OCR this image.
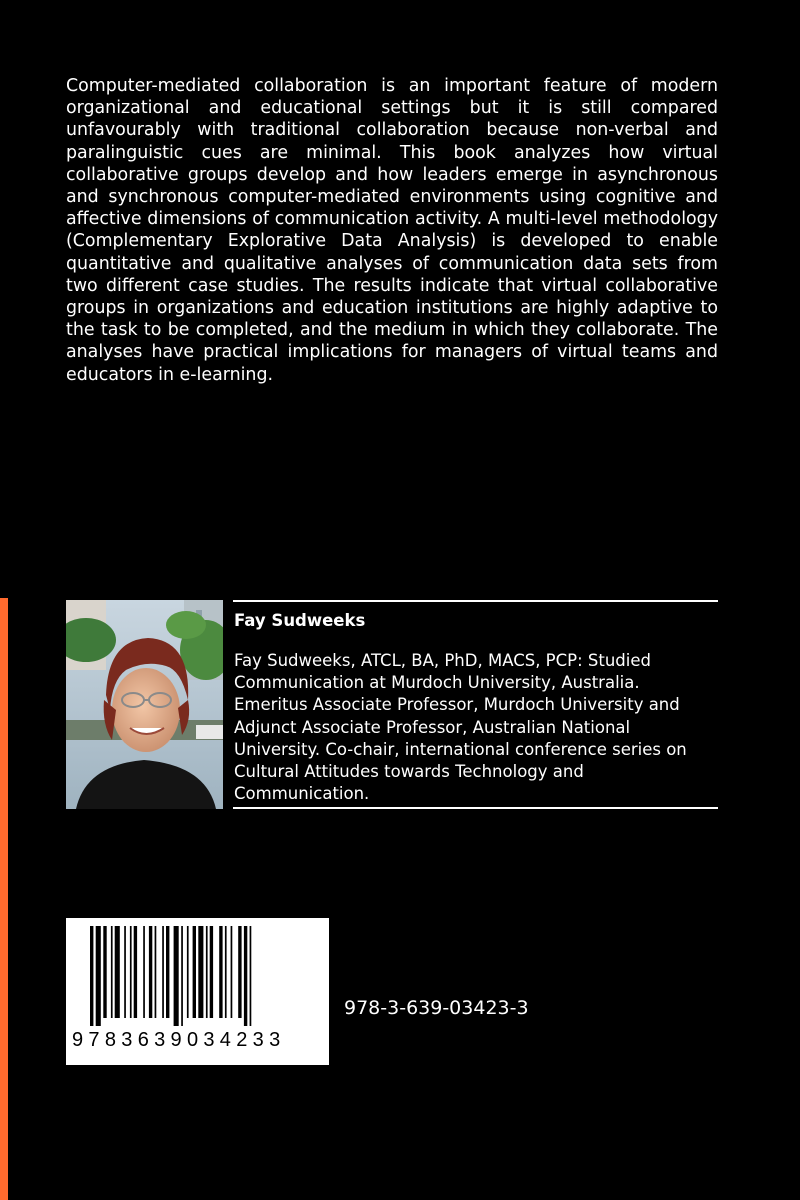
Computer-mediated collaboration is an important feature of modern organizational and educational settings but it is still compared unfavourably with traditional collaboration because non-verbal and paralinguistic cues are minimal. This book analyzes how virtual collaborative groups develop and how leaders emerge in asynchronous and synchronous computer-mediated environments using cognitive and affective dimensions of communication activity. A multi-level methodology (Complementary Explorative Data Analysis) is developed to enable quantitative and qualitative analyses of communication data sets from two different case studies. The results indicate that virtual collaborative groups in organizations and education institutions are highly adaptive to the task to be completed, and the medium in which they collaborate. The analyses have practical implications for managers of virtual teams and educators in e-learning.

Fay Sudweeks

Fay Sudweeks, ATCL, BA, PhD, MACS, PCP: Studied Communication at Murdoch University, Australia. Emeritus Associate Professor, Murdoch University and Adjunct Associate Professor, Australian National University. Co-chair, international conference series on Cultural Attitudes towards Technology and Communication.

9783639034233

978-3-639-03423-3
